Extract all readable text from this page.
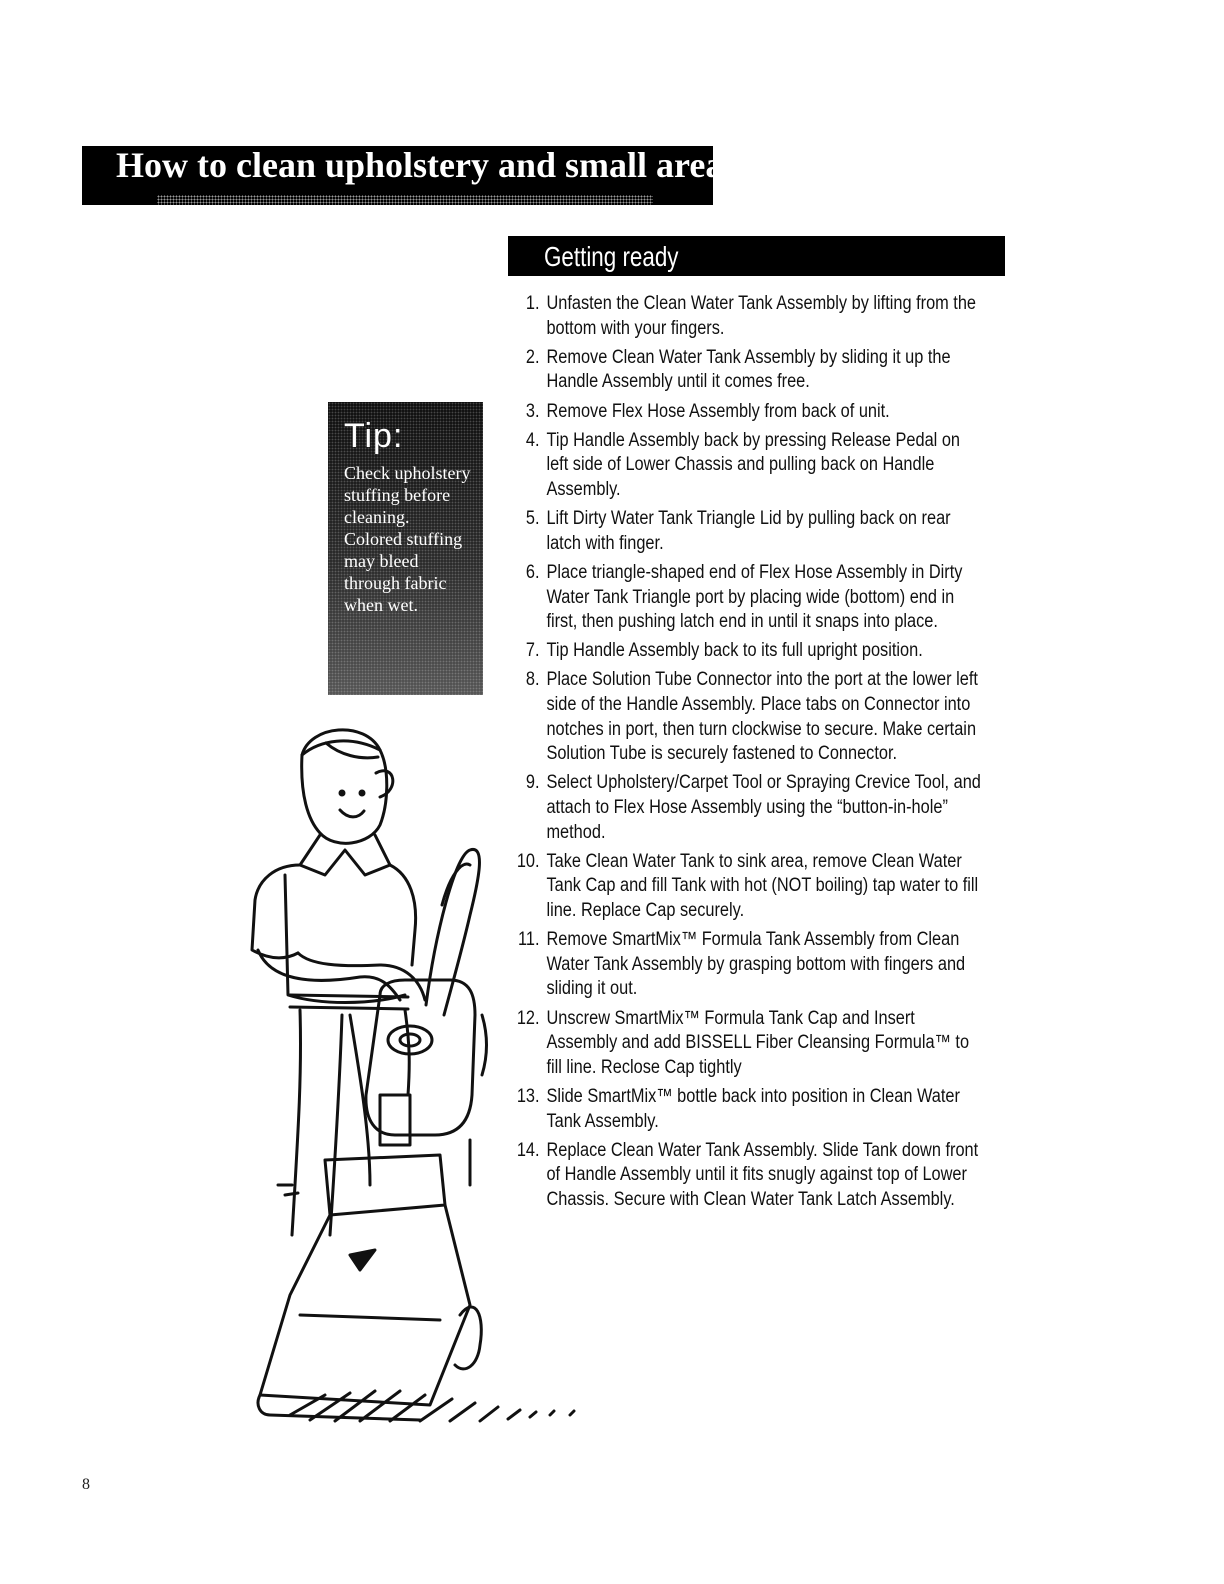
How to clean upholstery and small areas
Getting ready
1. Unfasten the Clean Water Tank Assembly by lifting from the bottom with your fingers.
2. Remove Clean Water Tank Assembly by sliding it up the Handle Assembly until it comes free.
3. Remove Flex Hose Assembly from back of unit.
4. Tip Handle Assembly back by pressing Release Pedal on left side of Lower Chassis and pulling back on Handle Assembly.
5. Lift Dirty Water Tank Triangle Lid by pulling back on rear latch with finger.
6. Place triangle-shaped end of Flex Hose Assembly in Dirty Water Tank Triangle port by placing wide (bottom) end in first, then pushing latch end in until it snaps into place.
7. Tip Handle Assembly back to its full upright position.
8. Place Solution Tube Connector into the port at the lower left side of the Handle Assembly. Place tabs on Connector into notches in port, then turn clockwise to secure. Make certain Solution Tube is securely fastened to Connector.
9. Select Upholstery/Carpet Tool or Spraying Crevice Tool, and attach to Flex Hose Assembly using the “button-in-hole” method.
10. Take Clean Water Tank to sink area, remove Clean Water Tank Cap and fill Tank with hot (NOT boiling) tap water to fill line. Replace Cap securely.
11. Remove SmartMix™ Formula Tank Assembly from Clean Water Tank Assembly by grasping bottom with fingers and sliding it out.
12. Unscrew SmartMix™ Formula Tank Cap and Insert Assembly and add BISSELL Fiber Cleansing Formula™ to fill line. Reclose Cap tightly
13. Slide SmartMix™ bottle back into position in Clean Water Tank Assembly.
14. Replace Clean Water Tank Assembly. Slide Tank down front of Handle Assembly until it fits snugly against top of Lower Chassis. Secure with Clean Water Tank Latch Assembly.
Tip:

Check upholstery
stuffing before
cleaning.
Colored stuffing
may bleed
through fabric
when wet.

8
